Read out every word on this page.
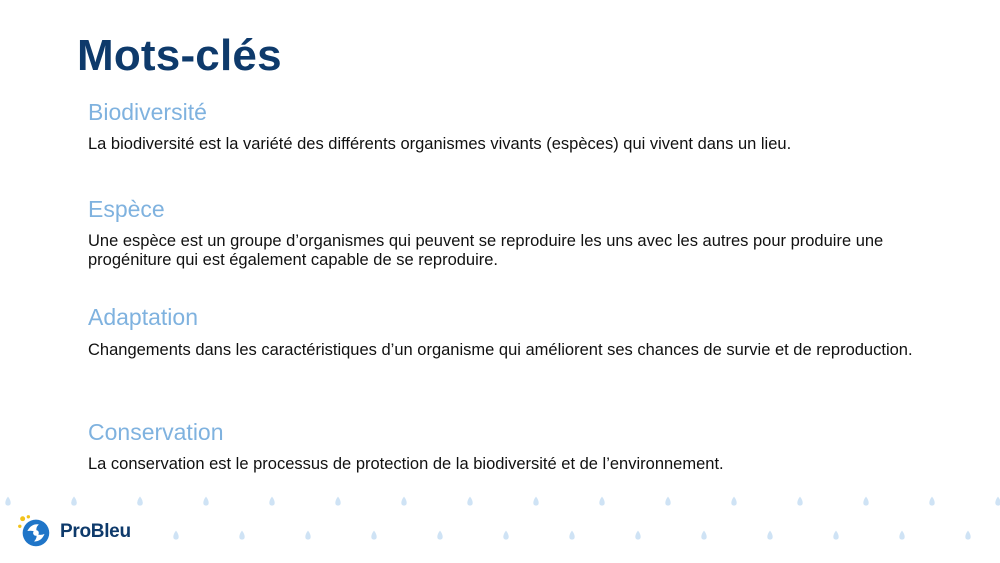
Mots-clés
Biodiversité

La biodiversité est la variété des différents organismes vivants (espèces) qui vivent dans un lieu.

Espèce

Une espèce est un groupe d’organismes qui peuvent se reproduire les uns avec les autres pour produire une progéniture qui est également capable de se reproduire.

Adaptation

Changements dans les caractéristiques d’un organisme qui améliorent ses chances de survie et de reproduction.

Conservation

La conservation est le processus de protection de la biodiversité et de l’environnement.

ProBleu
